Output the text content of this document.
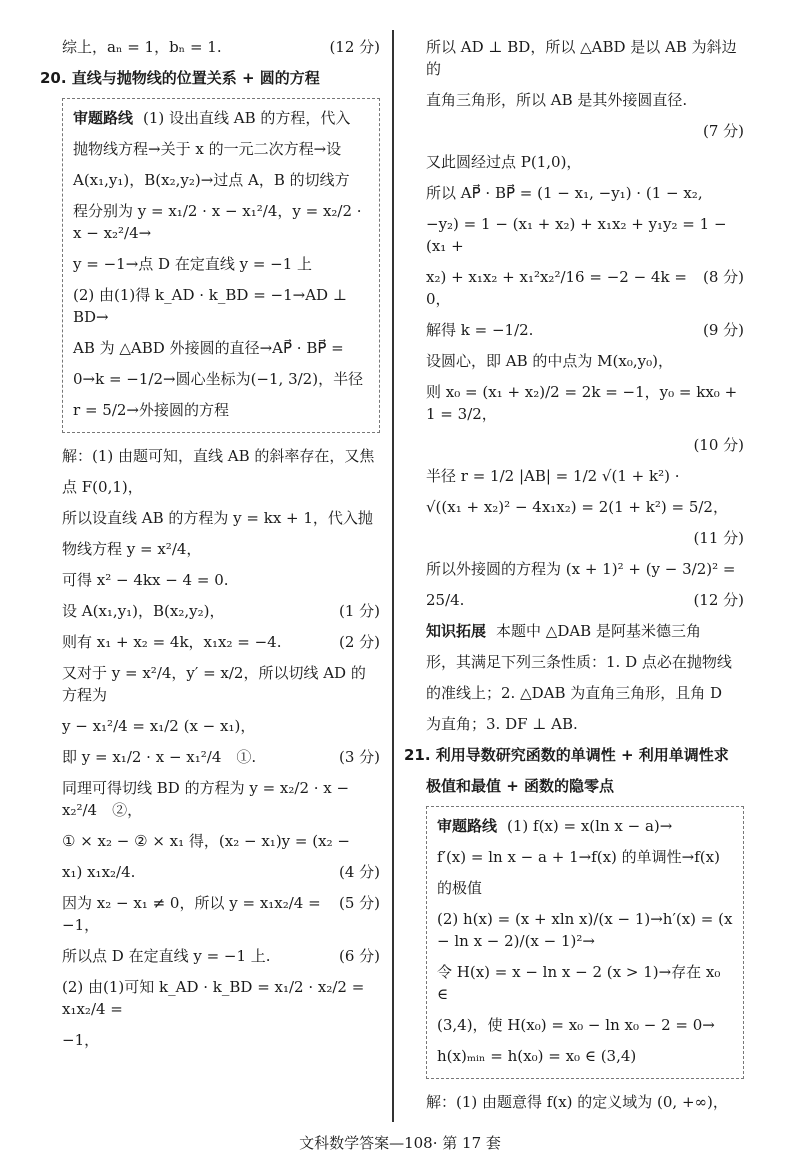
(12 分)
综上，aₙ = 1，bₙ = 1.
20. 直线与抛物线的位置关系 + 圆的方程
审题路线 (1) 设出直线 AB 的方程，代入
抛物线方程→关于 x 的一元二次方程→设
A(x₁,y₁)，B(x₂,y₂)→过点 A，B 的切线方
程分别为 y = x₁/2 · x − x₁²/4，y = x₂/2 · x − x₂²/4→
y = −1→点 D 在定直线 y = −1 上
(2) 由(1)得 k_AD · k_BD = −1→AD ⊥ BD→
AB 为 △ABD 外接圆的直径→AP⃗ · BP⃗ =
0→k = −1/2→圆心坐标为(−1, 3/2)，半径
r = 5/2→外接圆的方程
解：(1) 由题可知，直线 AB 的斜率存在，又焦
点 F(0,1)，
所以设直线 AB 的方程为 y = kx + 1，代入抛
物线方程 y = x²/4，
可得 x² − 4kx − 4 = 0.
(1 分)
设 A(x₁,y₁)，B(x₂,y₂)，
(2 分)
则有 x₁ + x₂ = 4k，x₁x₂ = −4.
又对于 y = x²/4，y′ = x/2，所以切线 AD 的方程为
y − x₁²/4 = x₁/2 (x − x₁)，
(3 分)
即 y = x₁/2 · x − x₁²/4　①.
同理可得切线 BD 的方程为 y = x₂/2 · x − x₂²/4　②，
① × x₂ − ② × x₁ 得，(x₂ − x₁)y = (x₂ −
(4 分)
x₁) x₁x₂/4.
(5 分)
因为 x₂ − x₁ ≠ 0，所以 y = x₁x₂/4 = −1，
(6 分)
所以点 D 在定直线 y = −1 上.
(2) 由(1)可知 k_AD · k_BD = x₁/2 · x₂/2 = x₁x₂/4 =
−1，
所以 AD ⊥ BD，所以 △ABD 是以 AB 为斜边的
直角三角形，所以 AB 是其外接圆直径.
(7 分)
又此圆经过点 P(1,0)，
所以 AP⃗ · BP⃗ = (1 − x₁, −y₁) · (1 − x₂,
−y₂) = 1 − (x₁ + x₂) + x₁x₂ + y₁y₂ = 1 − (x₁ +
(8 分)
x₂) + x₁x₂ + x₁²x₂²/16 = −2 − 4k = 0，
(9 分)
解得 k = −1/2.
设圆心，即 AB 的中点为 M(x₀,y₀)，
则 x₀ = (x₁ + x₂)/2 = 2k = −1，y₀ = kx₀ + 1 = 3/2，
(10 分)
半径 r = 1/2 |AB| = 1/2 √(1 + k²) ·
√((x₁ + x₂)² − 4x₁x₂) = 2(1 + k²) = 5/2，
(11 分)
所以外接圆的方程为 (x + 1)² + (y − 3/2)² =
(12 分)
25/4.
知识拓展 本题中 △DAB 是阿基米德三角
形，其满足下列三条性质：1. D 点必在抛物线
的准线上；2. △DAB 为直角三角形，且角 D
为直角；3. DF ⊥ AB.
21. 利用导数研究函数的单调性 + 利用单调性求
极值和最值 + 函数的隐零点
审题路线 (1) f(x) = x(ln x − a)→
f′(x) = ln x − a + 1→f(x) 的单调性→f(x)
的极值
(2) h(x) = (x + xln x)/(x − 1)→h′(x) = (x − ln x − 2)/(x − 1)²→
令 H(x) = x − ln x − 2 (x > 1)→存在 x₀ ∈
(3,4)，使 H(x₀) = x₀ − ln x₀ − 2 = 0→
h(x)ₘᵢₙ = h(x₀) = x₀ ∈ (3,4)
解：(1) 由题意得 f(x) 的定义域为 (0, +∞)，
文科数学答案—108· 第 17 套
